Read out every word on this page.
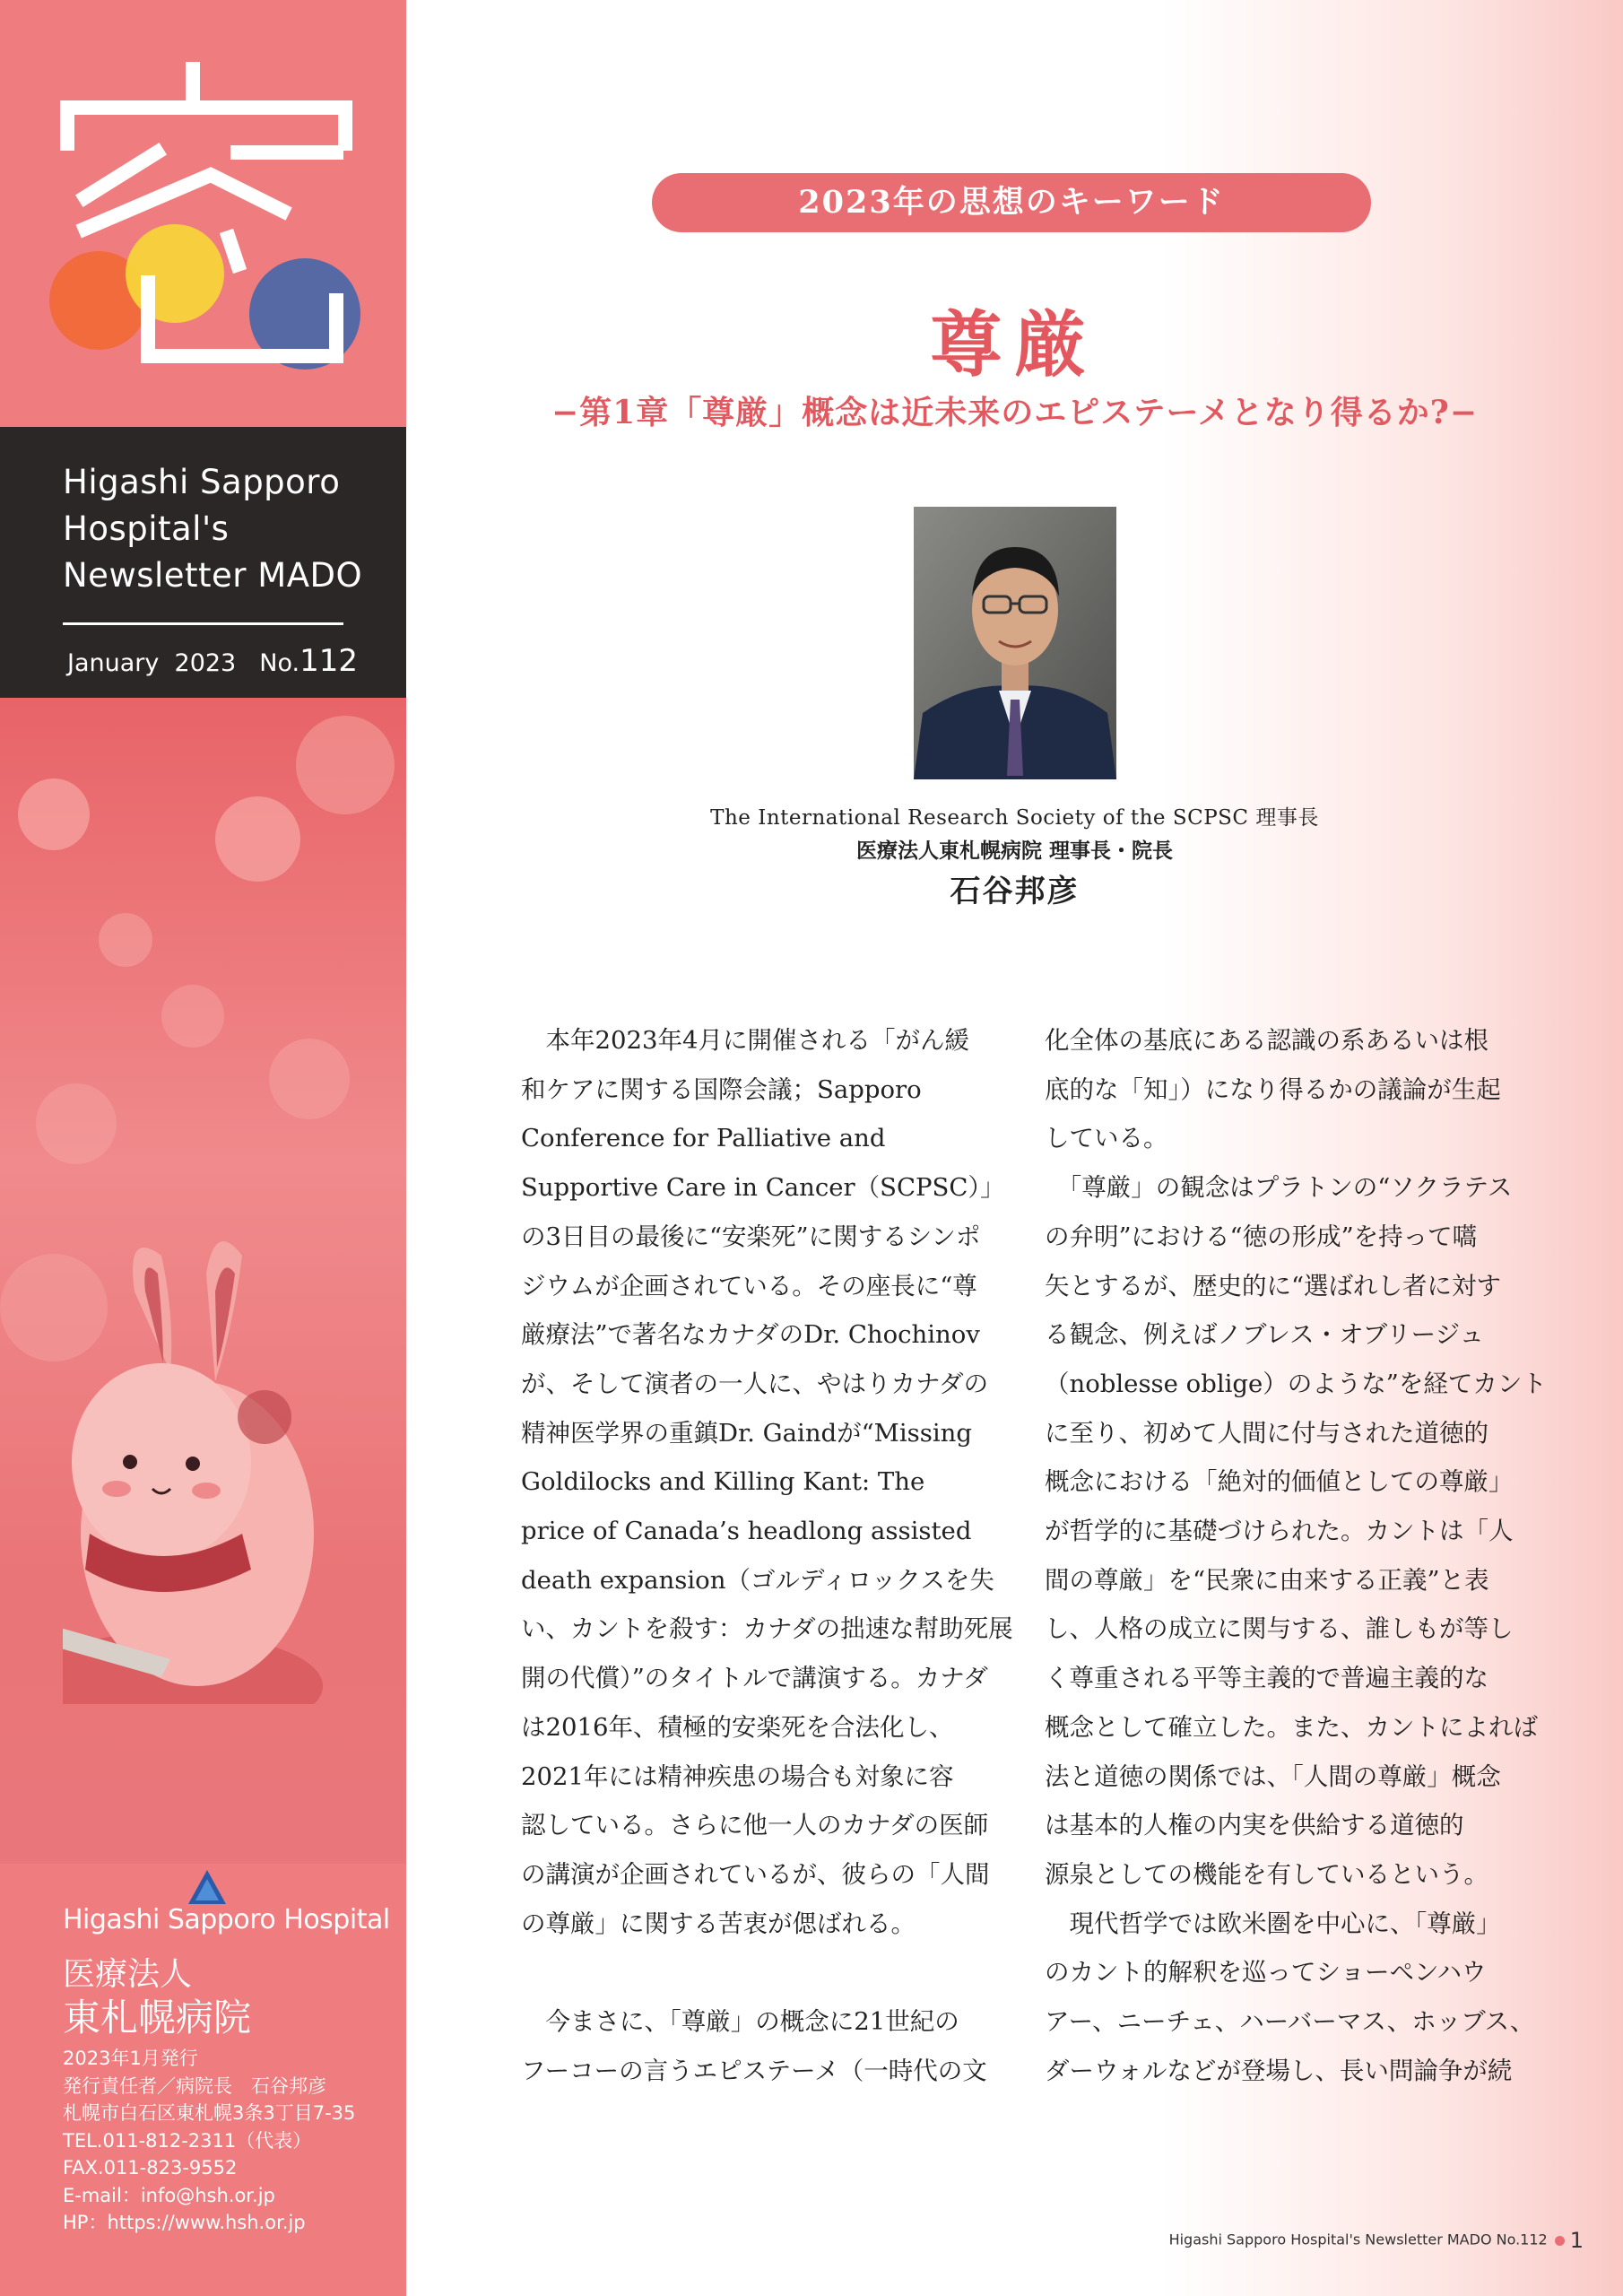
Higashi Sapporo
Hospital's
Newsletter MADO
January  2023 No.112
Higashi Sapporo Hospital
医療法人
東札幌病院
2023年1月発行
発行責任者／病院長　石谷邦彦
札幌市白石区東札幌3条3丁目7-35
TEL.011-812-2311（代表）
FAX.011-823-9552
E-mail：info@hsh.or.jp
HP：https://www.hsh.or.jp
2023年の思想のキーワード
尊厳
−第1章「尊厳」概念は近未来のエピステーメとなり得るか?−
The International Research Society of the SCPSC 理事長
医療法人東札幌病院 理事長・院長
石谷邦彦
　本年2023年4月に開催される「がん緩
和ケアに関する国際会議；Sapporo
Conference for Palliative and
Supportive Care in Cancer（SCPSC）」
の3日目の最後に“安楽死”に関するシンポ
ジウムが企画されている。その座長に“尊
厳療法”で著名なカナダのDr. Chochinov
が、そして演者の一人に、やはりカナダの
精神医学界の重鎮Dr. Gaindが“Missing
Goldilocks and Killing Kant: The
price of Canada’s headlong assisted
death expansion（ゴルディロックスを失
い、カントを殺す：カナダの拙速な幇助死展
開の代償）”のタイトルで講演する。カナダ
は2016年、積極的安楽死を合法化し、
2021年には精神疾患の場合も対象に容
認している。さらに他一人のカナダの医師
の講演が企画されているが、彼らの「人間
の尊厳」に関する苦衷が偲ばれる。

　今まさに、「尊厳」の概念に21世紀の
フーコーの言うエピステーメ（一時代の文
化全体の基底にある認識の系あるいは根
底的な「知」）になり得るかの議論が生起
している。
　「尊厳」の観念はプラトンの“ソクラテス
の弁明”における“徳の形成”を持って嚆
矢とするが、歴史的に“選ばれし者に対す
る観念、例えばノブレス・オブリージュ
（noblesse oblige）のような”を経てカント
に至り、初めて人間に付与された道徳的
概念における「絶対的価値としての尊厳」
が哲学的に基礎づけられた。カントは「人
間の尊厳」を“民衆に由来する正義”と表
し、人格の成立に関与する、誰しもが等し
く尊重される平等主義的で普遍主義的な
概念として確立した。また、カントによれば
法と道徳の関係では、「人間の尊厳」概念
は基本的人権の内実を供給する道徳的
源泉としての機能を有しているという。
　現代哲学では欧米圏を中心に、「尊厳」
のカント的解釈を巡ってショーペンハウ
アー、ニーチェ、ハーバーマス、ホッブス、
ダーウォルなどが登場し、長い問論争が続
Higashi Sapporo Hospital's Newsletter MADO No.112 1
